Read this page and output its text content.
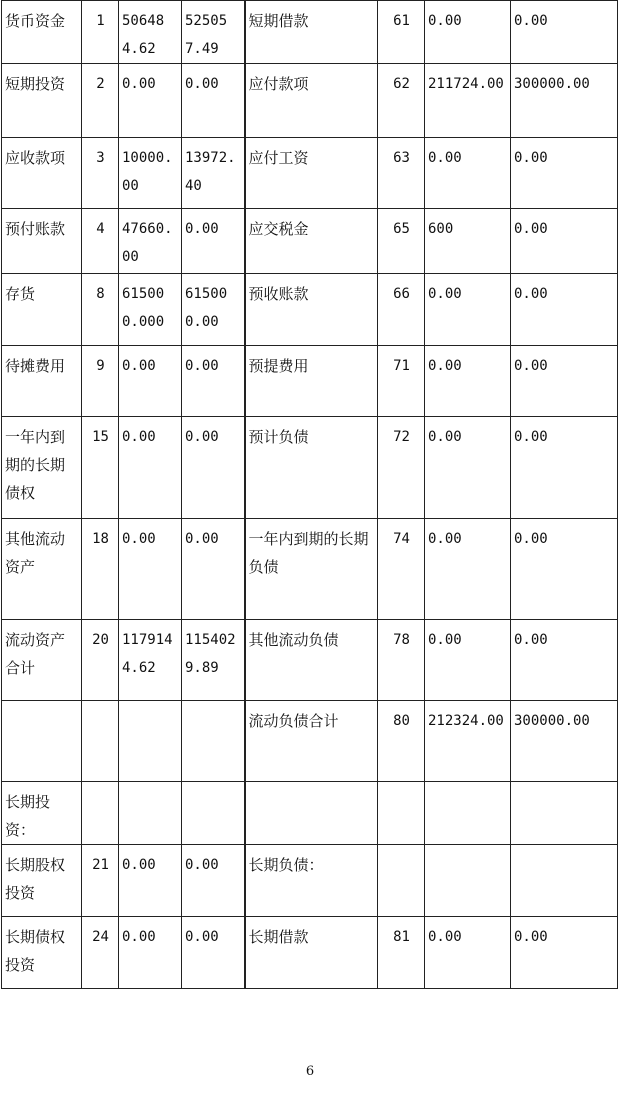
货币资金	1	506484.62	525057.49	短期借款	61	0.00	0.00
短期投资	2	0.00	0.00	应付款项	62	211724.00	300000.00
应收款项	3	10000.00	13972.40	应付工资	63	0.00	0.00
预付账款	4	47660.00	0.00	应交税金	65	600	0.00
存货	8	615000.000	615000.00	预收账款	66	0.00	0.00
待摊费用	9	0.00	0.00	预提费用	71	0.00	0.00
一年内到期的长期债权	15	0.00	0.00	预计负债	72	0.00	0.00
其他流动资产	18	0.00	0.00	一年内到期的长期负债	74	0.00	0.00
流动资产合计	20	1179144.62	1154029.89	其他流动负债	78	0.00	0.00
				流动负债合计	80	212324.00	300000.00
长期投资：							
长期股权投资	21	0.00	0.00	长期负债：			
长期债权投资	24	0.00	0.00	长期借款	81	0.00	0.00
6
